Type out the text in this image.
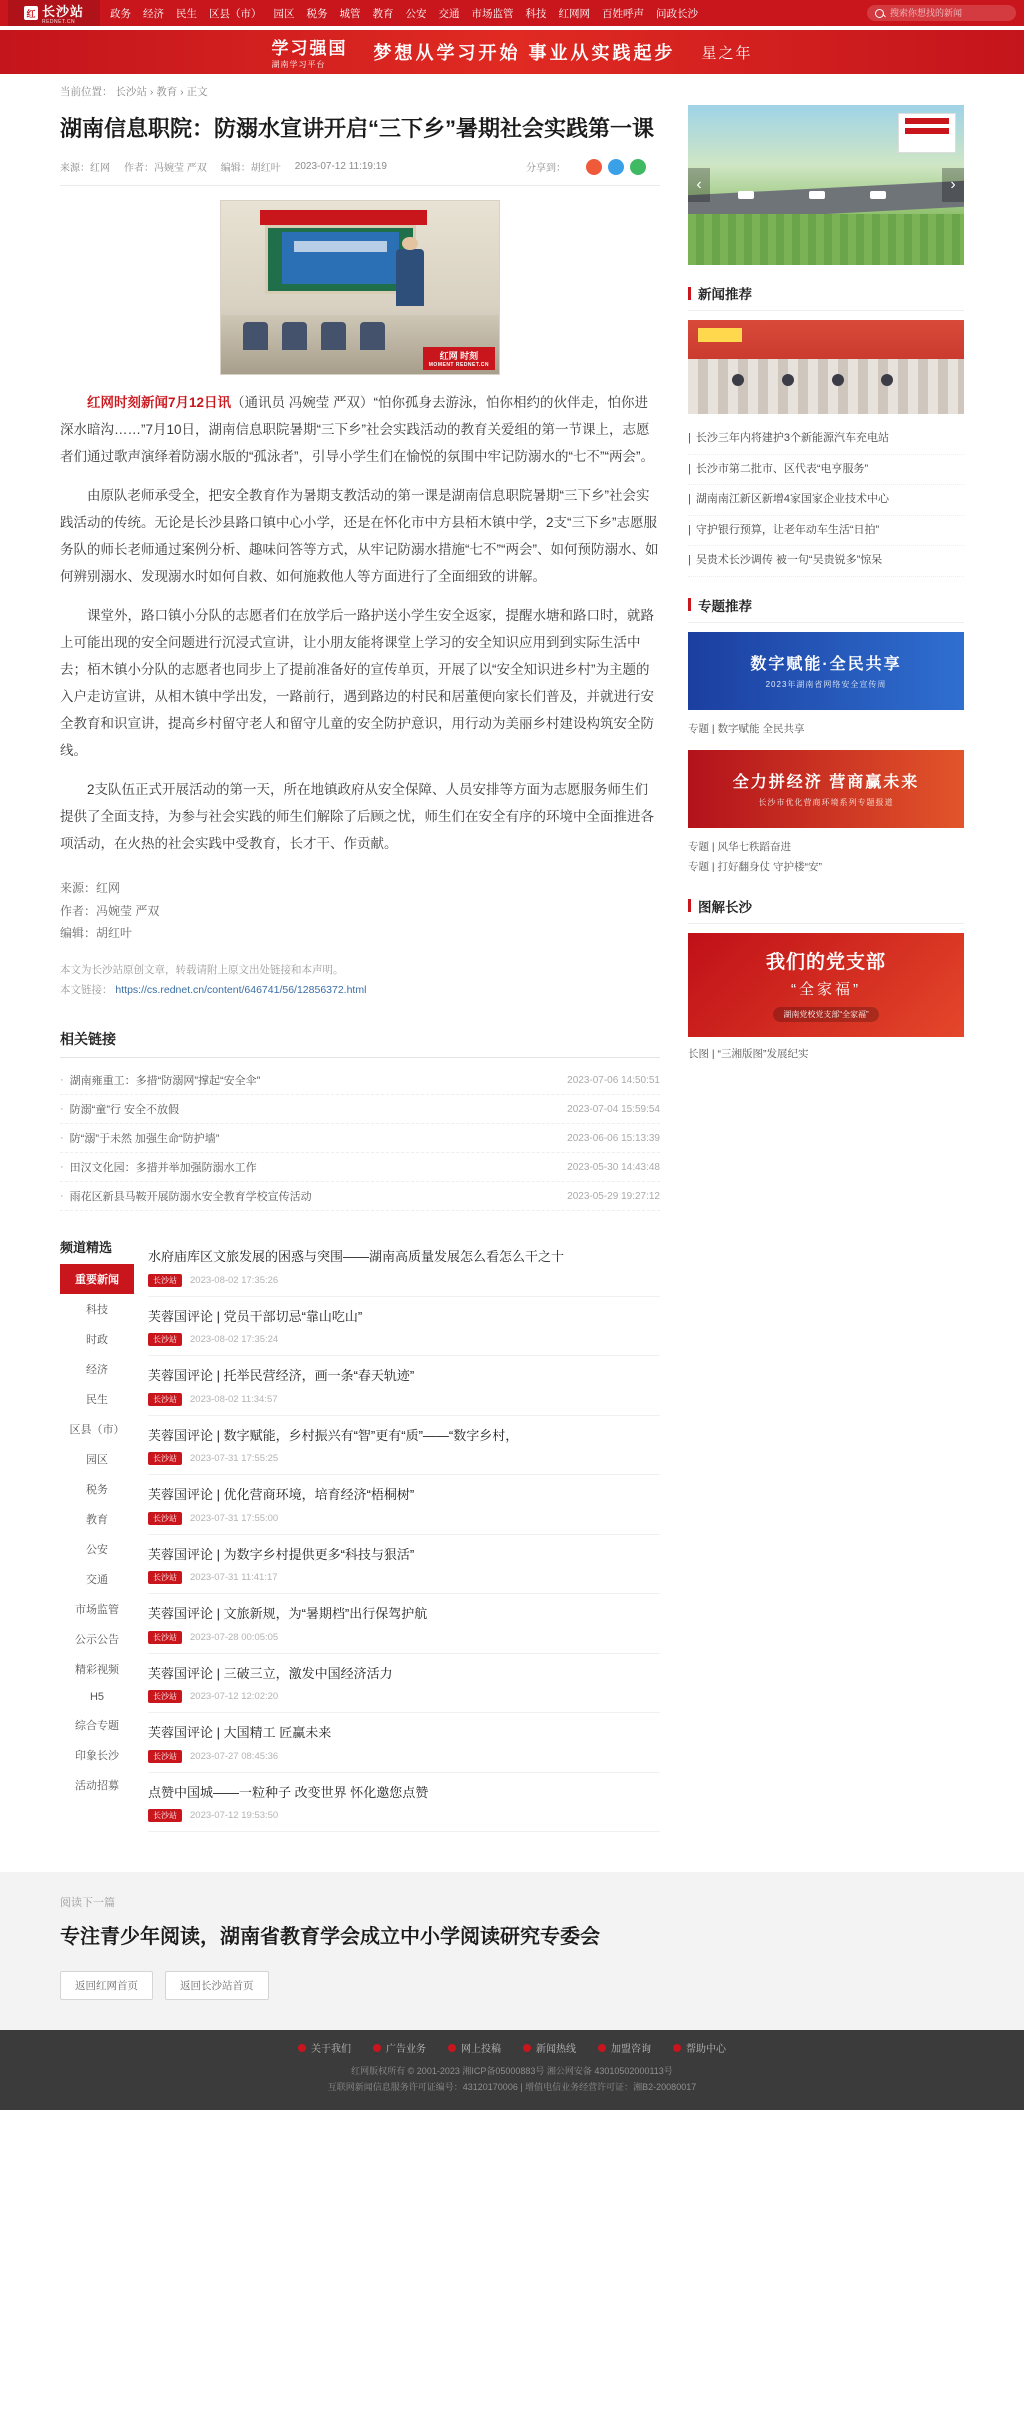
红 长沙站
REDNET.CN
政务 经济 民生 区县（市） 园区 税务 城管 教育 公安 交通 市场监管 科技 红网网 百姓呼声 问政长沙
搜索你想找的新闻
学习强国
湖南学习平台
梦想从学习开始 事业从实践起步 星之年
当前位置： 长沙站 › 教育 › 正文
湖南信息职院：防溺水宣讲开启“三下乡”暑期社会实践第一课
来源：红网 作者：冯婉莹 严双 编辑：胡红叶 2023-07-12 11:19:19	分享到：
红网 时刻
MOMENT REDNET.CN

红网时刻新闻7月12日讯（通讯员 冯婉莹 严双）“怕你孤身去游泳，怕你相约的伙伴走，怕你进深水暗沟……”7月10日，湖南信息职院暑期“三下乡”社会实践活动的教育关爱组的第一节课上，志愿者们通过歌声演绎着防溺水版的“孤泳者”，引导小学生们在愉悦的氛围中牢记防溺水的“七不”“两会”。

由原队老师承受全，把安全教育作为暑期支教活动的第一课是湖南信息职院暑期“三下乡”社会实践活动的传统。无论是长沙县路口镇中心小学，还是在怀化市中方县栢木镇中学，2支“三下乡”志愿服务队的师长老师通过案例分析、趣味问答等方式，从牢记防溺水措施“七不”“两会”、如何预防溺水、如何辨别溺水、发现溺水时如何自救、如何施救他人等方面进行了全面细致的讲解。

课堂外，路口镇小分队的志愿者们在放学后一路护送小学生安全返家，提醒水塘和路口时，就路上可能出现的安全问题进行沉浸式宣讲，让小朋友能将课堂上学习的安全知识应用到到实际生活中去；栢木镇小分队的志愿者也同步上了提前准备好的宣传单页，开展了以“安全知识进乡村”为主题的入户走访宣讲，从相木镇中学出发，一路前行，遇到路边的村民和居董便向家长们普及，并就进行安全教育和识宣讲，提高乡村留守老人和留守儿童的安全防护意识，用行动为美丽乡村建设构筑安全防线。

2支队伍正式开展活动的第一天，所在地镇政府从安全保障、人员安排等方面为志愿服务师生们提供了全面支持，为参与社会实践的师生们解除了后顾之忧，师生们在安全有序的环境中全面推进各项活动，在火热的社会实践中受教育，长才干、作贡献。

来源：红网
作者：冯婉莹 严双
编辑：胡红叶
本文为长沙站原创文章，转载请附上原文出处链接和本声明。
本文链接： https://cs.rednet.cn/content/646741/56/12856372.html
相关链接
· 湖南雍重工：多措“防溺网”撑起“安全伞”	2023-07-06 14:50:51
· 防溺“童”行 安全不放假	2023-07-04 15:59:54
· 防“溺”于未然 加强生命“防护墙”	2023-06-06 15:13:39
· 田汉文化园：多措并举加强防溺水工作	2023-05-30 14:43:48
· 雨花区新县马鞍开展防溺水安全教育学校宣传活动	2023-05-29 19:27:12
频道精选
重要新闻
科技
时政
经济
民生
区县（市）
园区
税务
教育
公安
交通
市场监管
公示公告
精彩视频
H5
综合专题
印象长沙
活动招募
水府庙库区文旅发展的困惑与突围——湖南高质量发展怎么看怎么干之十
长沙站	2023-08-02 17:35:26
芙蓉国评论 | 党员干部切忌“靠山吃山”
长沙站	2023-08-02 17:35:24
芙蓉国评论 | 托举民营经济，画一条“春天轨迹”
长沙站	2023-08-02 11:34:57
芙蓉国评论 | 数字赋能，乡村振兴有“智”更有“质”——“数字乡村，
长沙站	2023-07-31 17:55:25
芙蓉国评论 | 优化营商环境，培育经济“梧桐树”
长沙站	2023-07-31 17:55:00
芙蓉国评论 | 为数字乡村提供更多“科技与狠活”
长沙站	2023-07-31 11:41:17
芙蓉国评论 | 文旅新规，为“暑期档”出行保驾护航
长沙站	2023-07-28 00:05:05
芙蓉国评论 | 三破三立，激发中国经济活力
长沙站	2023-07-12 12:02:20
芙蓉国评论 | 大国精工 匠赢未来
长沙站	2023-07-27 08:45:36
点赞中国城——一粒种子 改变世界 怀化邀您点赞
长沙站	2023-07-12 19:53:50
‹	›
新闻推荐
| 长沙三年内将建护3个新能源汽车充电站
| 长沙市第二批市、区代表“电亨服务”
| 湖南南江新区新增4家国家企业技术中心
| 守护银行预算，让老年动车生活“日拍”
| 吴贵术长沙调传 被一句“吴贵锐多”惊呆
专题推荐
数字赋能·全民共享
2023年湖南省网络安全宣传周
专题 | 数字赋能 全民共享
全力拼经济 营商赢未来
长沙市优化营商环境系列专题报道
专题 | 风华七秩蹈奋进
专题 | 打好翻身仗 守护楼“安”
图解长沙
我们的党支部
“全家福”
湖南党校党支部“全家福”
长图 | “三湘版图”发展纪实
阅读下一篇
专注青少年阅读，湖南省教育学会成立中小学阅读研究专委会
返回红网首页	返回长沙站首页
关于我们	广告业务	网上投稿	新闻热线	加盟咨询	帮助中心
红网版权所有 © 2001-2023 湘ICP备05000883号 湘公网安备 43010502000113号
互联网新闻信息服务许可证编号：43120170006 | 增值电信业务经营许可证：湘B2-20080017
